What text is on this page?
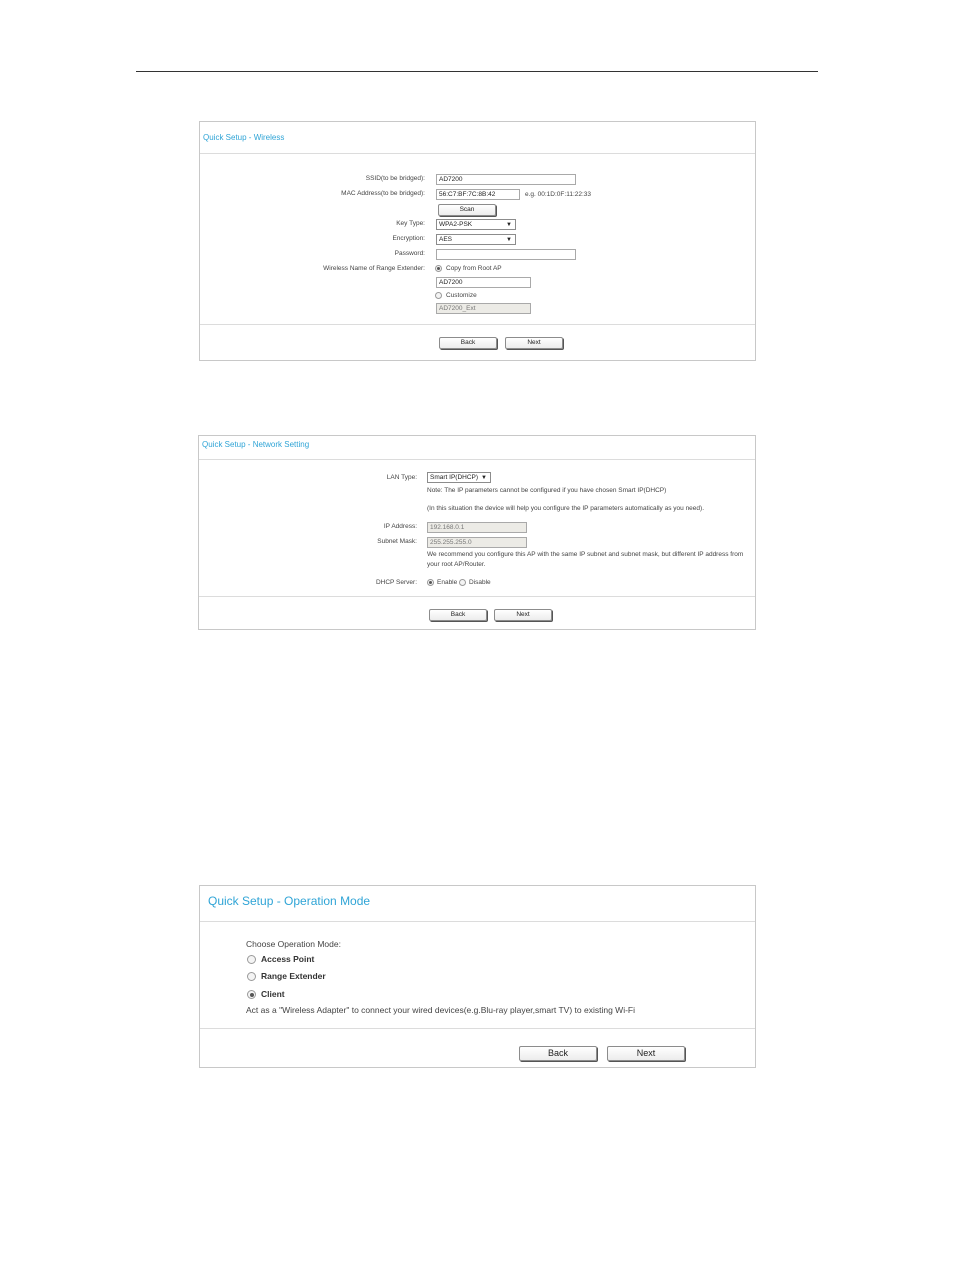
Quick Setup - Wireless
SSID(to be bridged):	AD7200
MAC Address(to be bridged):	56:C7:BF:7C:8B:42	e.g. 00:1D:0F:11:22:33
Scan
Key Type:	WPA2-PSK	▼
Encryption:	AES	▼
Password:
Wireless Name of Range Extender:	Copy from Root AP
AD7200
Customize
AD7200_Ext
Back	Next
Quick Setup - Network Setting
LAN Type:	Smart IP(DHCP) ▼
Note: The IP parameters cannot be configured if you have chosen Smart IP(DHCP)
(In this situation the device will help you configure the IP parameters automatically as you need).
IP Address:	192.168.0.1
Subnet Mask:	255.255.255.0
We recommend you configure this AP with the same IP subnet and subnet mask, but different IP address from
your root AP/Router.
DHCP Server:	Enable Disable
Back	Next
Quick Setup - Operation Mode
Choose Operation Mode:
Access Point
Range Extender
Client
Act as a "Wireless Adapter" to connect your wired devices(e.g.Blu-ray player,smart TV) to existing Wi-Fi
Back	Next
